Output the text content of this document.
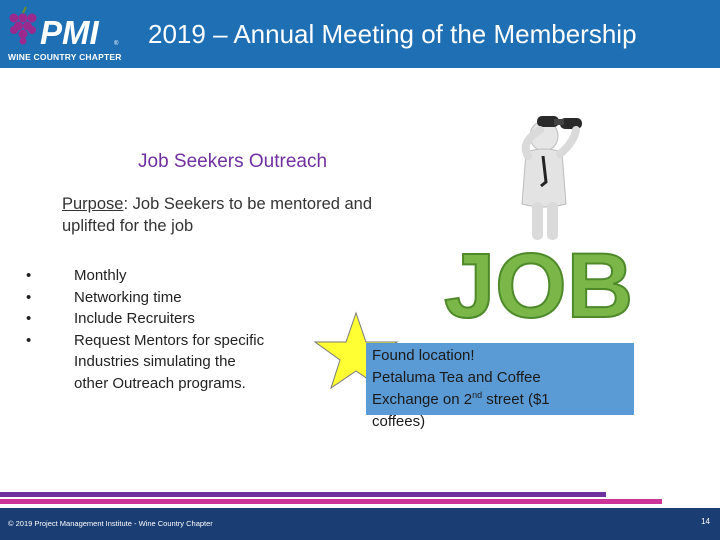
PMI	®
WINE COUNTRY CHAPTER
2019 – Annual Meeting of the Membership
Job Seekers Outreach
Purpose: Job Seekers to be mentored and uplifted for the job
•	Monthly
•	Networking time
•	Include Recruiters
•	Request Mentors for specific Industries simulating the other Outreach programs.
JOB
Found location!
Petaluma Tea and Coffee
Exchange on 2nd street ($1
coffees)
© 2019 Project Management Institute - Wine Country Chapter	14
